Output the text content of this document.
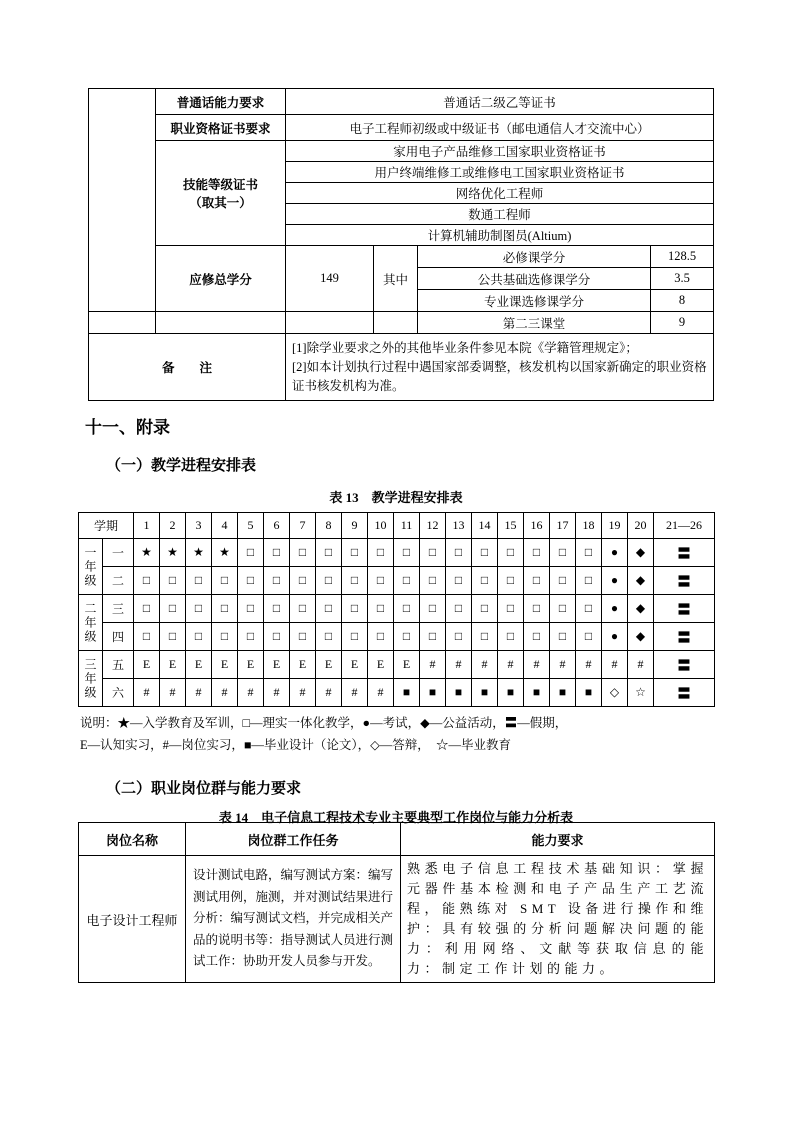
	普通话能力要求	普通话二级乙等证书			
	职业资格证书要求	电子工程师初级或中级证书（邮电通信人才交流中心）			

	技能等级证书
（取其一）	家用电子产品维修工国家职业资格证书			
		用户终端维修工或维修电工国家职业资格证书			
		网络优化工程师			
		数通工程师			
		计算机辅助制图员(Altium)			
	应修总学分	149	其中	必修课学分	128.5
				公共基础选修课学分	3.5
				专业课选修课学分	8
				第二三课堂	9
备　　注		[1]除学业要求之外的其他毕业条件参见本院《学籍管理规定》；
[2]如本计划执行过程中遇国家部委调整，核发机构以国家新确定的职业资格证书核发机构为准。			
十一、附录
（一）教学进程安排表
表 13　教学进程安排表
学期		1	2	3	4	5	6	7	8	9	10	11	12	13	14	15	16	17	18	19	20	21—26
一年级	一	★	★	★	★	□	□	□	□	□	□	□	□	□	□	□	□	□	□	●	◆	〓
	二	□	□	□	□	□	□	□	□	□	□	□	□	□	□	□	□	□	□	●	◆	〓
二年级	三	□	□	□	□	□	□	□	□	□	□	□	□	□	□	□	□	□	□	●	◆	〓
	四	□	□	□	□	□	□	□	□	□	□	□	□	□	□	□	□	□	□	●	◆	〓
三年级	五	E	E	E	E	E	E	E	E	E	E	E	#	#	#	#	#	#	#	#	#	〓
	六	#	#	#	#	#	#	#	#	#	#	■	■	■	■	■	■	■	■	◇	☆	〓
说明：★—入学教育及军训，□—理实一体化教学，●—考试，◆—公益活动，〓—假期，
E—认知实习，#—岗位实习，■—毕业设计（论文），◇—答辩，　☆—毕业教育
（二）职业岗位群与能力要求
表 14　电子信息工程技术专业主要典型工作岗位与能力分析表
岗位名称	岗位群工作任务	能力要求
电子设计工程师	设计测试电路，编写测试方案：编写测试用例，施测，并对测试结果进行分析：编写测试文档，并完成相关产品的说明书等：指导测试人员进行测试工作：协助开发人员参与开发。	熟悉电子信息工程技术基础知识：掌握元器件基本检测和电子产品生产工艺流程，能熟练对 SMT 设备进行操作和维护：具有较强的分析问题解决问题的能力：利用网络、文献等获取信息的能力：制定工作计划的能力。
